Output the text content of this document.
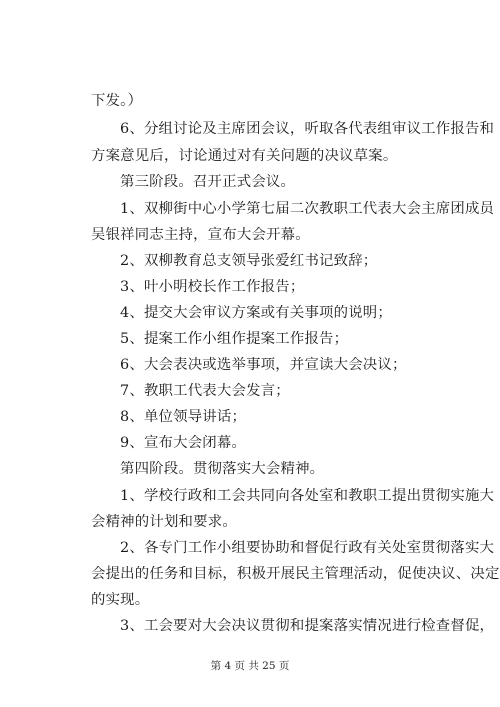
下发。）
6、分组讨论及主席团会议，听取各代表组审议工作报告和
方案意见后，讨论通过对有关问题的决议草案。
第三阶段。召开正式会议。
1、双柳街中心小学第七届二次教职工代表大会主席团成员
吴银祥同志主持，宣布大会开幕。
2、双柳教育总支领导张爱红书记致辞；
3、叶小明校长作工作报告；
4、提交大会审议方案或有关事项的说明；
5、提案工作小组作提案工作报告；
6、大会表决或选举事项，并宣读大会决议；
7、教职工代表大会发言；
8、单位领导讲话；
9、宣布大会闭幕。
第四阶段。贯彻落实大会精神。
1、学校行政和工会共同向各处室和教职工提出贯彻实施大
会精神的计划和要求。
2、各专门工作小组要协助和督促行政有关处室贯彻落实大
会提出的任务和目标，积极开展民主管理活动，促使决议、决定
的实现。
3、工会要对大会决议贯彻和提案落实情况进行检查督促，
第 4 页 共 25 页
